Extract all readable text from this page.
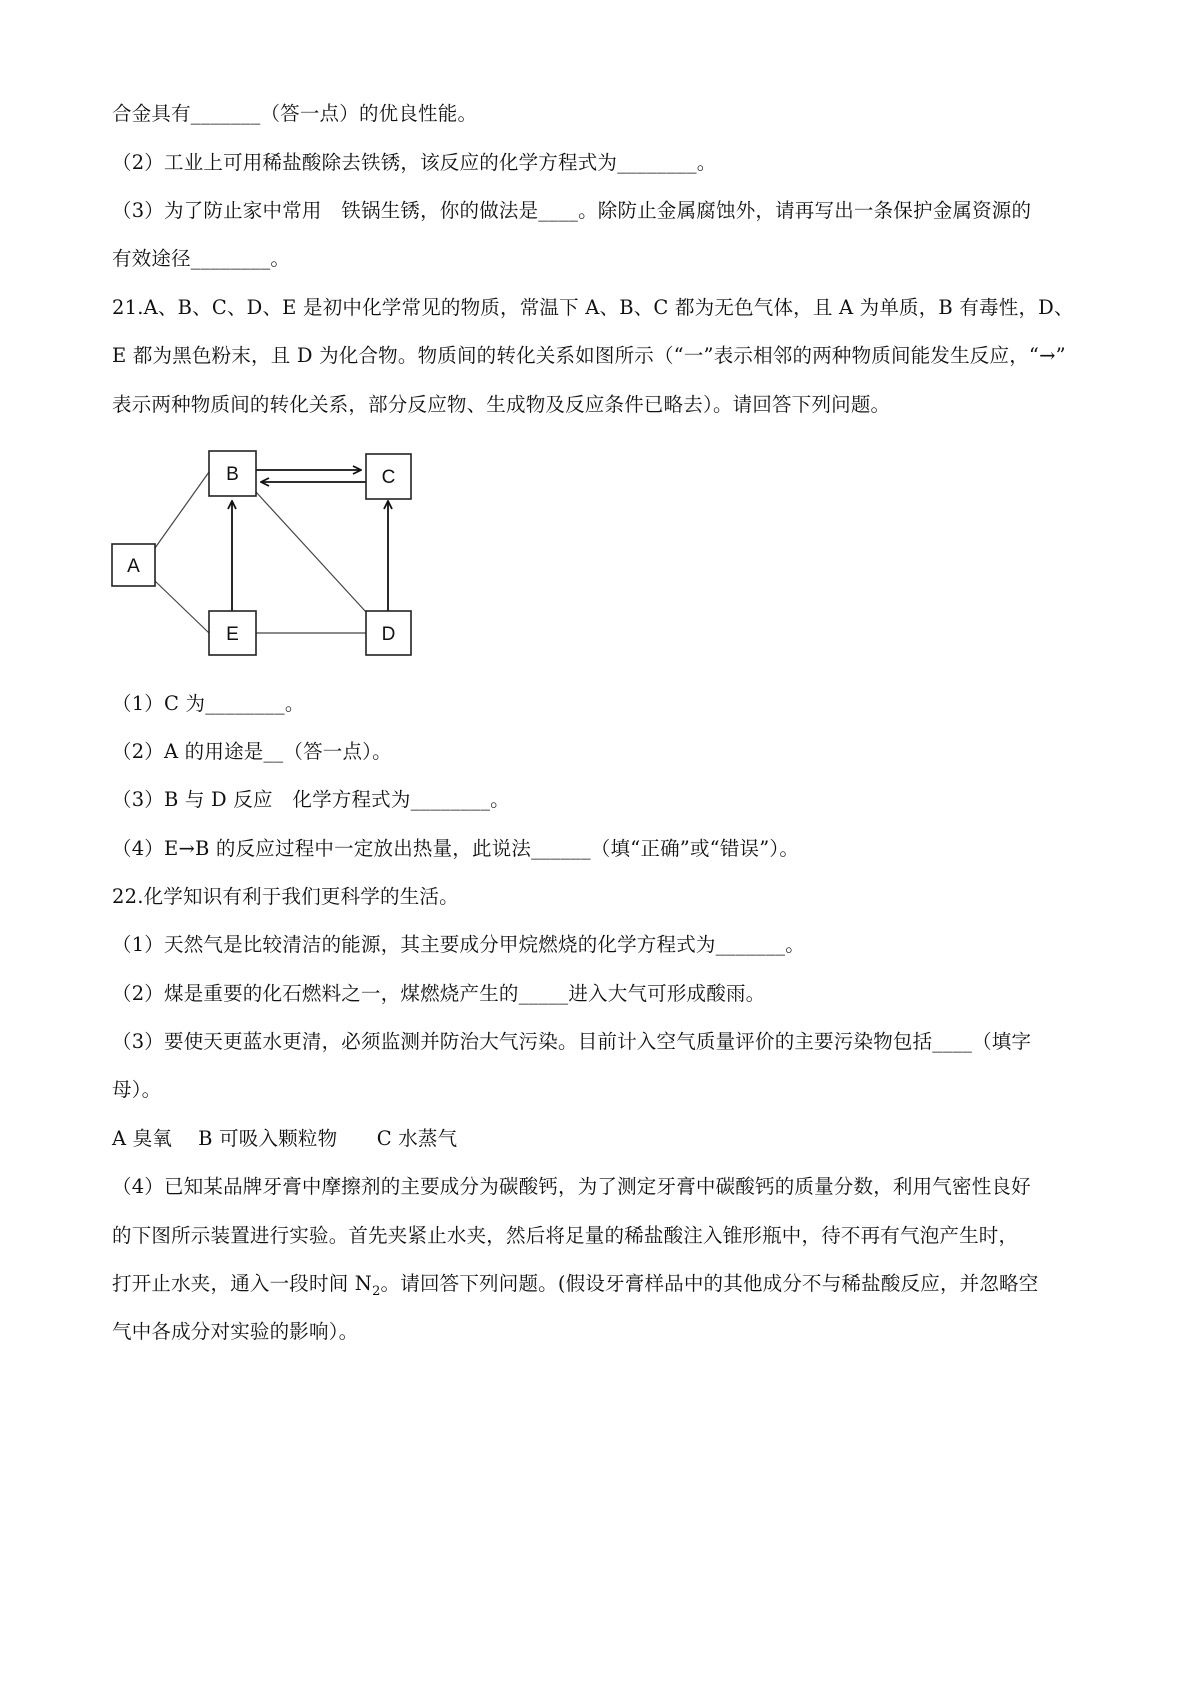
合金具有_______（答一点）的优良性能。
（2）工业上可用稀盐酸除去铁锈，该反应的化学方程式为________。
（3）为了防止家中常用　铁锅生锈，你的做法是____。除防止金属腐蚀外，请再写出一条保护金属资源的
有效途径________。
21.A、B、C、D、E 是初中化学常见的物质，常温下 A、B、C 都为无色气体，且 A 为单质，B 有毒性，D、
E 都为黑色粉末，且 D 为化合物。物质间的转化关系如图所示（“一”表示相邻的两种物质间能发生反应，“→”
表示两种物质间的转化关系，部分反应物、生成物及反应条件已略去）。请回答下列问题。
B	C
A
E	D
（1）C 为________。
（2）A 的用途是__（答一点）。
（3）B 与 D 反应　化学方程式为________。
（4）E→B 的反应过程中一定放出热量，此说法______（填“正确”或“错误”）。
22.化学知识有利于我们更科学的生活。
（1）天然气是比较清洁的能源，其主要成分甲烷燃烧的化学方程式为_______。
（2）煤是重要的化石燃料之一，煤燃烧产生的_____进入大气可形成酸雨。
（3）要使天更蓝水更清，必须监测并防治大气污染。目前计入空气质量评价的主要污染物包括____（填字
母）。
A 臭氧　 B 可吸入颗粒物　　C 水蒸气
（4）已知某品牌牙膏中摩擦剂的主要成分为碳酸钙，为了测定牙膏中碳酸钙的质量分数，利用气密性良好
的下图所示装置进行实验。首先夹紧止水夹，然后将足量的稀盐酸注入锥形瓶中，待不再有气泡产生时，
打开止水夹，通入一段时间 $N_2$。请回答下列问题。(假设牙膏样品中的其他成分不与稀盐酸反应，并忽略空
气中各成分对实验的影响）。
